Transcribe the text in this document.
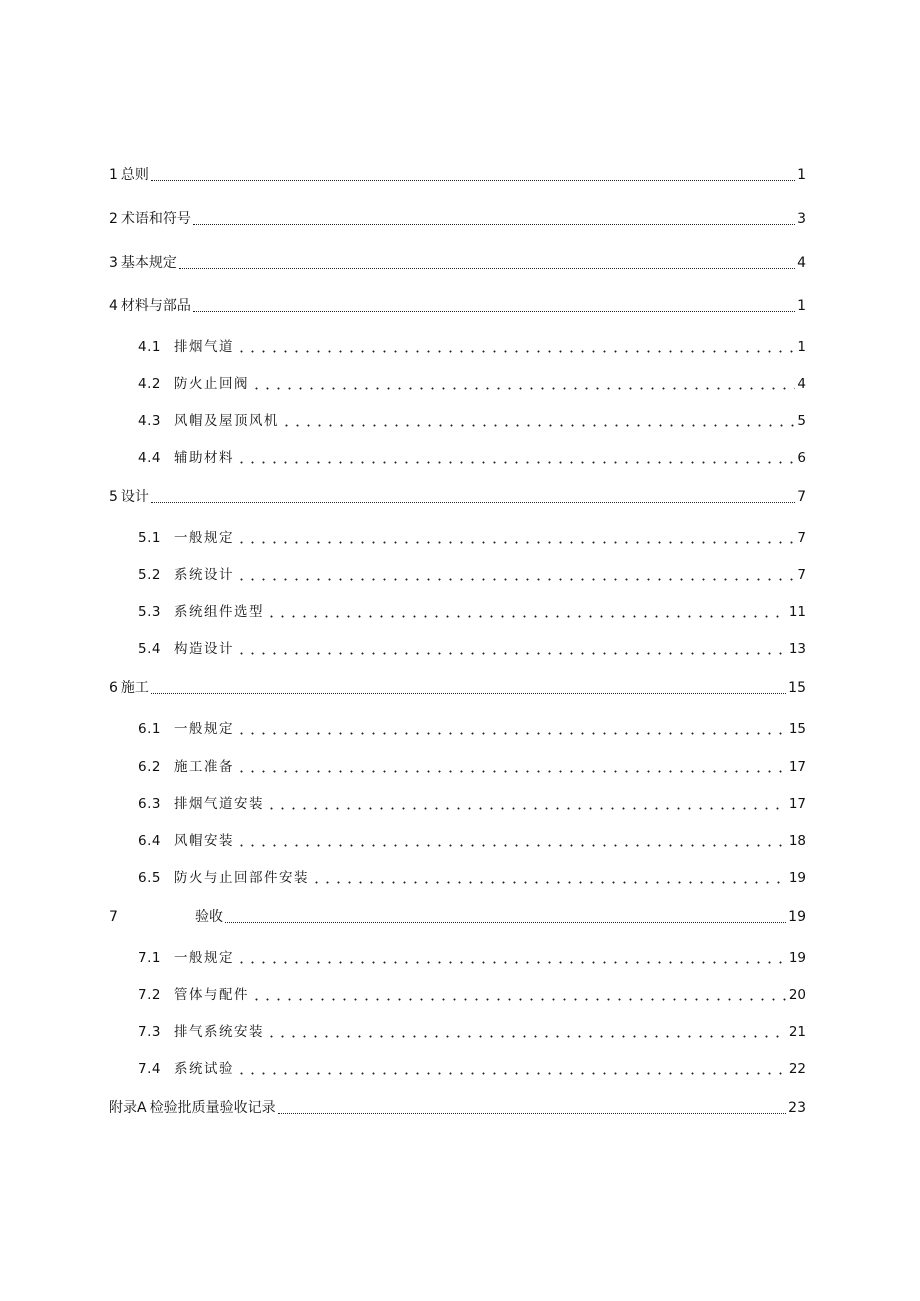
1 总则	1
2 术语和符号	3
3 基本规定	4
4 材料与部品	1
4.1 排烟气道	1
4.2 防火止回阀	4
4.3 风帽及屋顶风机	5
4.4 辅助材料	6
5 设计	7
5.1 一般规定	7
5.2 系统设计	7
5.3 系统组件选型	11
5.4 构造设计	13
6 施工	15
6.1 一般规定	15
6.2 施工准备	17
6.3 排烟气道安装	17
6.4 风帽安装	18
6.5 防火与止回部件安装	19
7	验收	19
7.1 一般规定	19
7.2 管体与配件	20
7.3 排气系统安装	21
7.4 系统试验	22
附录A 检验批质量验收记录	23
